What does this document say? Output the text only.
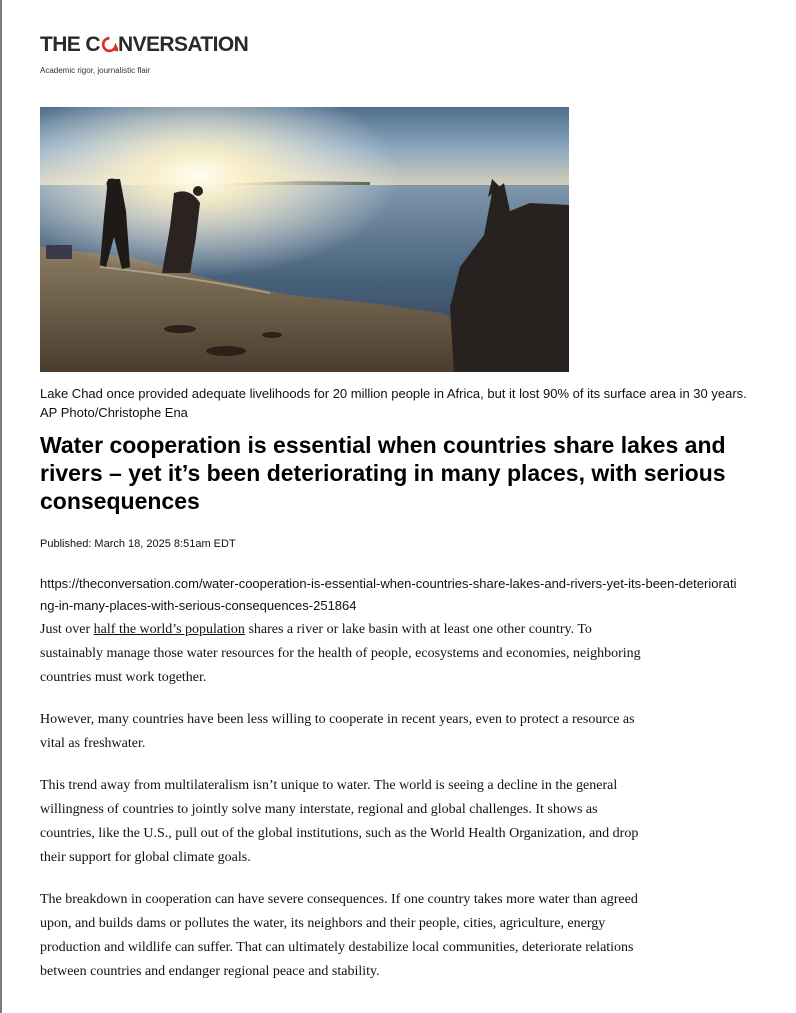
THE C NVERSATION
Academic rigor, journalistic flair
Lake Chad once provided adequate livelihoods for 20 million people in Africa, but it lost 90% of its surface area in 30 years.
AP Photo/Christophe Ena
Water cooperation is essential when countries share lakes and rivers – yet it’s been deteriorating in many places, with serious consequences
Published: March 18, 2025 8:51am EDT
https://theconversation.com/water-cooperation-is-essential-when-countries-share-lakes-and-rivers-yet-its-been-deteriorating-in-many-places-with-serious-consequences-251864

Just over half the world’s population shares a river or lake basin with at least one other country. To sustainably manage those water resources for the health of people, ecosystems and economies, neighboring countries must work together.

However, many countries have been less willing to cooperate in recent years, even to protect a resource as vital as freshwater.

This trend away from multilateralism isn’t unique to water. The world is seeing a decline in the general willingness of countries to jointly solve many interstate, regional and global challenges. It shows as countries, like the U.S., pull out of the global institutions, such as the World Health Organization, and drop their support for global climate goals.

The breakdown in cooperation can have severe consequences. If one country takes more water than agreed upon, and builds dams or pollutes the water, its neighbors and their people, cities, agriculture, energy production and wildlife can suffer. That can ultimately destabilize local communities, deteriorate relations between countries and endanger regional peace and stability.
